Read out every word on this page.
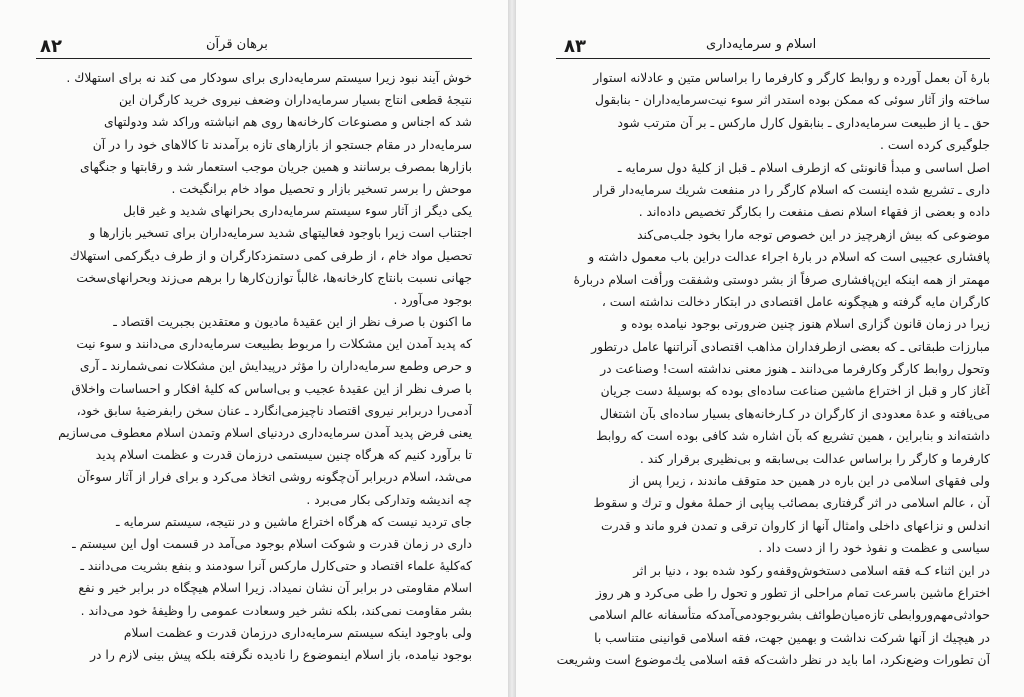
۸۲	برهان قرآن
خوش آیند نبود زیرا سیستم سرمایه‌داری برای سودکار می کند نه برای استهلاك .
نتیجهٔ قطعی انتاج بسیار سرمایه‌داران وضعف نیروی خرید کارگران این
شد که اجناس و مصنوعات کارخانه‌ها روی هم انباشته وراکد شد ودولتهای
سرمایه‌دار در مقام جستجو از بازارهای تازه برآمدند تا کالاهای خود را در آن
بازارها بمصرف برسانند و همین جریان موجب استعمار شد و رقابتها و جنگهای
موحش را برسر تسخیر بازار و تحصیل مواد خام برانگیخت .
یکی دیگر از آثار سوء سیستم سرمایه‌داری بحرانهای شدید و غیر قابل
اجتناب است زیرا باوجود فعالیتهای شدید سرمایه‌داران برای تسخیر بازارها و
تحصیل مواد خام ، از طرفی کمی دستمزدکارگران و از طرف دیگرکمی استهلاك
جهانی نسبت بانتاج کارخانه‌ها، غالباً توازن‌کارها را برهم می‌زند وبحرانهای‌سخت
بوجود می‌آورد .
ما اکنون با صرف نظر از این عقیدهٔ مادیون و معتقدین بجبریت اقتصاد ـ
که پدید آمدن این مشکلات را مربوط بطبیعت سرمایه‌داری می‌دانند و سوء نیت
و حرص وطمع سرمایه‌داران را مؤثر درپیدایش این مشکلات نمی‌شمارند ـ آری
با صرف نظر از این عقیدهٔ عجیب و بی‌اساس که کلیهٔ افکار و احساسات واخلاق
آدمی‌را دربرابر نیروی اقتصاد ناچیزمی‌انگارد ـ عنان سخن رابفرضیهٔ سابق خود،
یعنی فرض پدید آمدن سرمایه‌داری دردنیای اسلام وتمدن اسلام معطوف می‌سازیم
تا برآورد کنیم که هرگاه چنین سیستمی درزمان قدرت و عظمت اسلام پدید
می‌شد، اسلام دربرابر آن‌چگونه روشی اتخاذ می‌کرد و برای فرار از آثار سوءآن
چه اندیشه وتدارکی بکار می‌برد .
جای تردید نیست که هرگاه اختراع ماشین و در نتیجه، سیستم سرمایه ـ
داری در زمان قدرت و شوکت اسلام بوجود می‌آمد در قسمت اول این سیستم ـ
که‌کلیهٔ علماء اقتصاد و حتی‌کارل مارکس آنرا سودمند و بنفع بشریت می‌دانند ـ
اسلام مقاومتی در برابر آن نشان نمیداد. زیرا اسلام هیچگاه در برابر خیر و نفع
بشر مقاومت نمی‌کند، بلکه نشر خیر وسعادت عمومی را وظیفهٔ خود می‌داند .
ولی باوجود اینکه سیستم سرمایه‌داری درزمان قدرت و عظمت اسلام
بوجود نیامده، باز اسلام اینموضوع را نادیده نگرفته بلکه پیش بینی لازم را در
۸۳	اسلام و سرمایه‌داری
بارهٔ آن بعمل آورده و روابط کارگر و کارفرما را براساس متین و عادلانه استوار
ساخته واز آثار سوئی که ممکن بوده استدر اثر سوء نیت‌سرمایه‌داران - بنابقول
حق ـ یا از طبیعت سرمایه‌داری ـ بنابقول کارل مارکس ـ بر آن مترتب شود
جلوگیری کرده است .
اصل اساسی و مبدأ قانونئی که ازطرف اسلام ـ قبل از کلیهٔ دول سرمایه ـ
داری ـ تشریع شده اینست که اسلام کارگر را در منفعت شریك سرمایه‌دار قرار
داده و بعضی از فقهاء اسلام نصف منفعت را بکارگر تخصیص داده‌اند .
موضوعی که بیش ازهرچیز در این خصوص توجه مارا بخود جلب‌می‌کند
پافشاری عجیبی است که اسلام در بارهٔ اجراء عدالت دراین باب معمول داشته و
مهمتر از همه اینکه این‌پافشاری صرفاً از بشر دوستی وشفقت ورأفت اسلام دربارهٔ
کارگران مایه گرفته و هیچگونه عامل اقتصادی در ابتکار دخالت نداشته است ،
زیرا در زمان قانون گزاری اسلام هنوز چنین ضرورتی بوجود نیامده بوده و
مبارزات طبقاتی ـ که بعضی ازطرفداران مذاهب اقتصادی آنراتنها عامل درتطور
وتحول روابط کارگر وکارفرما می‌دانند ـ هنوز معنی نداشته است! وصناعت در
آغاز کار و قبل از اختراع ماشین صناعت ساده‌ای بوده که بوسیلهٔ دست جریان
می‌یافته و عدهٔ معدودی از کارگران در کـارخانه‌های بسیار ساده‌ای بآن اشتغال
داشته‌اند و بنابراین ، همین تشریع که بآن اشاره شد کافی بوده است که روابط
کارفرما و کارگر را براساس عدالت بی‌سابقه و بی‌نظیری برقرار کند .
ولی فقهای اسلامی در این باره در همین حد متوقف ماندند ، زیرا پس از
آن ، عالم اسلامی در اثر گرفتاری بمصائب پیاپی از حملهٔ مغول و ترك و سقوط
اندلس و نزاعهای داخلی وامثال آنها از کاروان ترقی و تمدن فرو ماند و قدرت
سیاسی و عظمت و نفوذ خود را از دست داد .
در این اثناء کـه فقه اسلامی دستخوش‌وقفه‌و رکود شده بود ، دنیا بر اثر
اختراع ماشین باسرعت تمام مراحلی از تطور و تحول را طی می‌کرد و هر روز
حوادثی‌مهم‌وروابطی تازه‌میان‌طوائف بشربوجودمی‌آمدکه متأسفانه عالم اسلامی
در هیچیك از آنها شرکت نداشت و بهمین جهت، فقه اسلامی قوانینی متناسب با
آن تطورات وضع‌نکرد، اما باید در نظر داشت‌که فقه اسلامی یك‌موضوع است وشریعت
